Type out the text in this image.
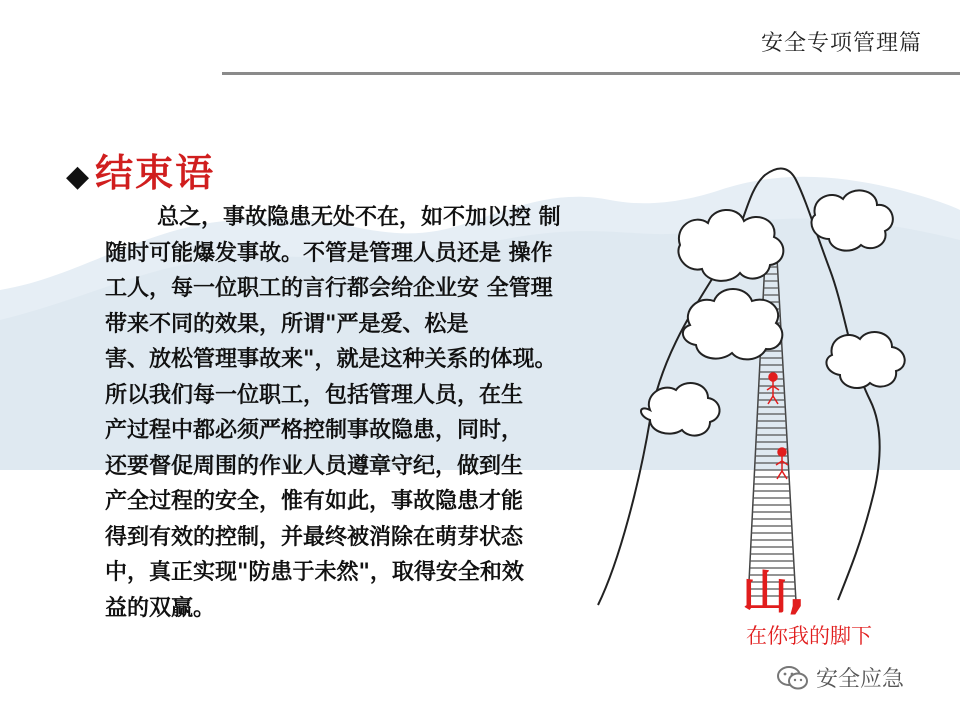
安全专项管理篇
◆ 结束语
总之，事故隐患无处不在，如不加以控 制
随时可能爆发事故。不管是管理人员还是 操作
工人，每一位职工的言行都会给企业安 全管理
带来不同的效果，所谓"严是爱、松是
害、放松管理事故来"，就是这种关系的体现。
所以我们每一位职工，包括管理人员，在生
产过程中都必须严格控制事故隐患，同时，
还要督促周围的作业人员遵章守纪，做到生
产全过程的安全，惟有如此，事故隐患才能
得到有效的控制，并最终被消除在萌芽状态
中，真正实现"防患于未然"，取得安全和效
益的双赢。	山,
在你我的脚下
安全应急
